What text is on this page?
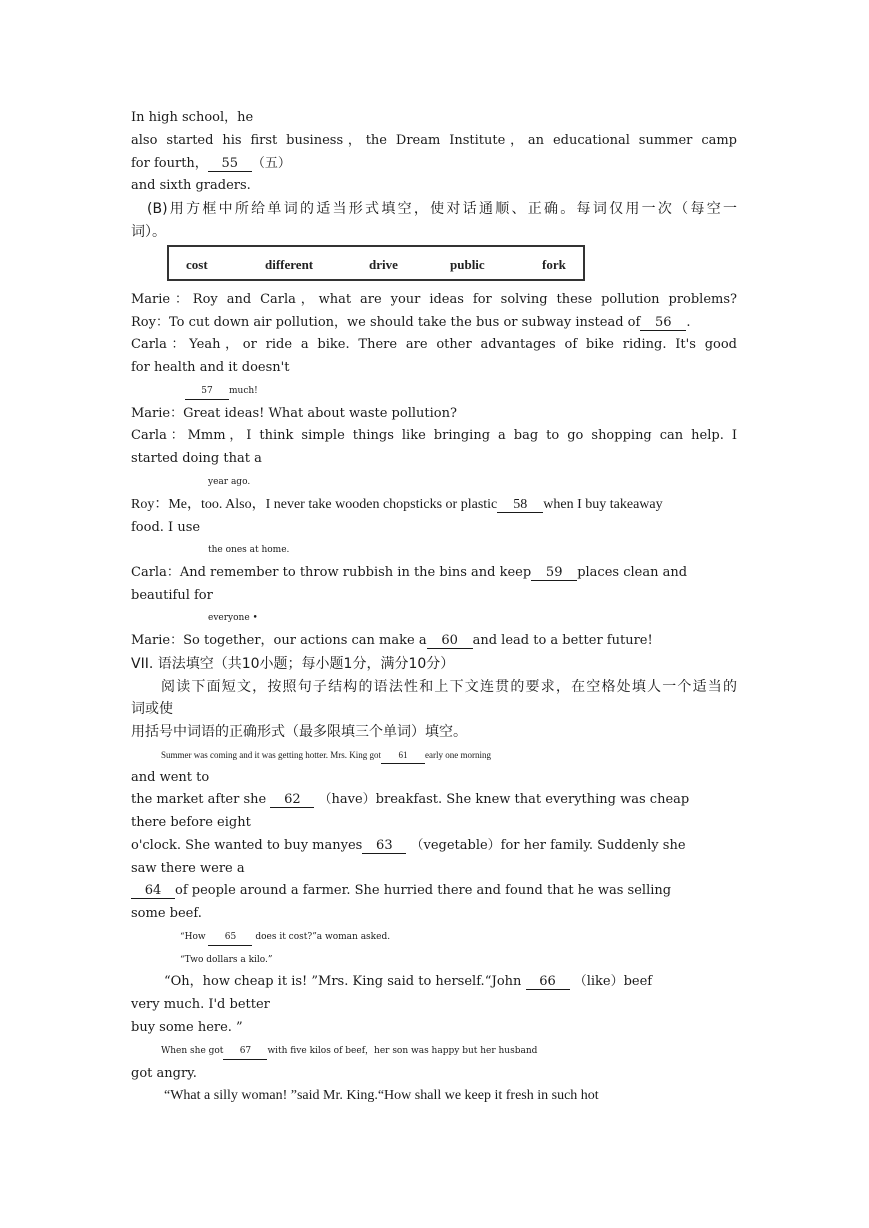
In high school，he
also started his first business，the Dream Institute，an educational summer camp
for fourth， 55 （五）
and sixth graders.
(B)用方框中所给单词的适当形式填空，使对话通顺、正确。每词仅用一次（每空一
词）。
cost	different	drive	public	fork
Marie：Roy and Carla，what are your ideas for solving these pollution problems?
Roy：To cut down air pollution，we should take the bus or subway instead of 56 .
Carla：Yeah，or ride a bike. There are other advantages of bike riding. It's good
for health and it doesn't
57 much!
Marie：Great ideas! What about waste pollution?
Carla：Mmm，I think simple things like bringing a bag to go shopping can help. I
started doing that a
year ago.
Roy：Me，too. Also，I never take wooden chopsticks or plastic 58 when I buy takeaway
food. I use
the ones at home.
Carla：And remember to throw rubbish in the bins and keep 59 places clean and
beautiful for
everyone •
Marie：So together，our actions can make a 60 and lead to a better future!
VII. 语法填空（共10小题；每小题1分，满分10分）
阅读下面短文，按照句子结构的语法性和上下文连贯的要求，在空格处填人一个适当的
词或使
用括号中词语的正确形式（最多限填三个单词）填空。
Summer was coming and it was getting hotter. Mrs. King got 61 early one morning
and went to
the market after she 62 （have）breakfast. She knew that everything was cheap
there before eight
o'clock. She wanted to buy manyes 63 （vegetable）for her family. Suddenly she
saw there were a
64 of people around a farmer. She hurried there and found that he was selling
some beef.
“How 65 does it cost?”a woman asked.
“Two dollars a kilo.”
“Oh，how cheap it is! ”Mrs. King said to herself.“John 66 （like）beef
very much. I'd better
buy some here. ”
When she got 67 with five kilos of beef，her son was happy but her husband
got angry.
“What a silly woman! ”said Mr. King.“How shall we keep it fresh in such hot
